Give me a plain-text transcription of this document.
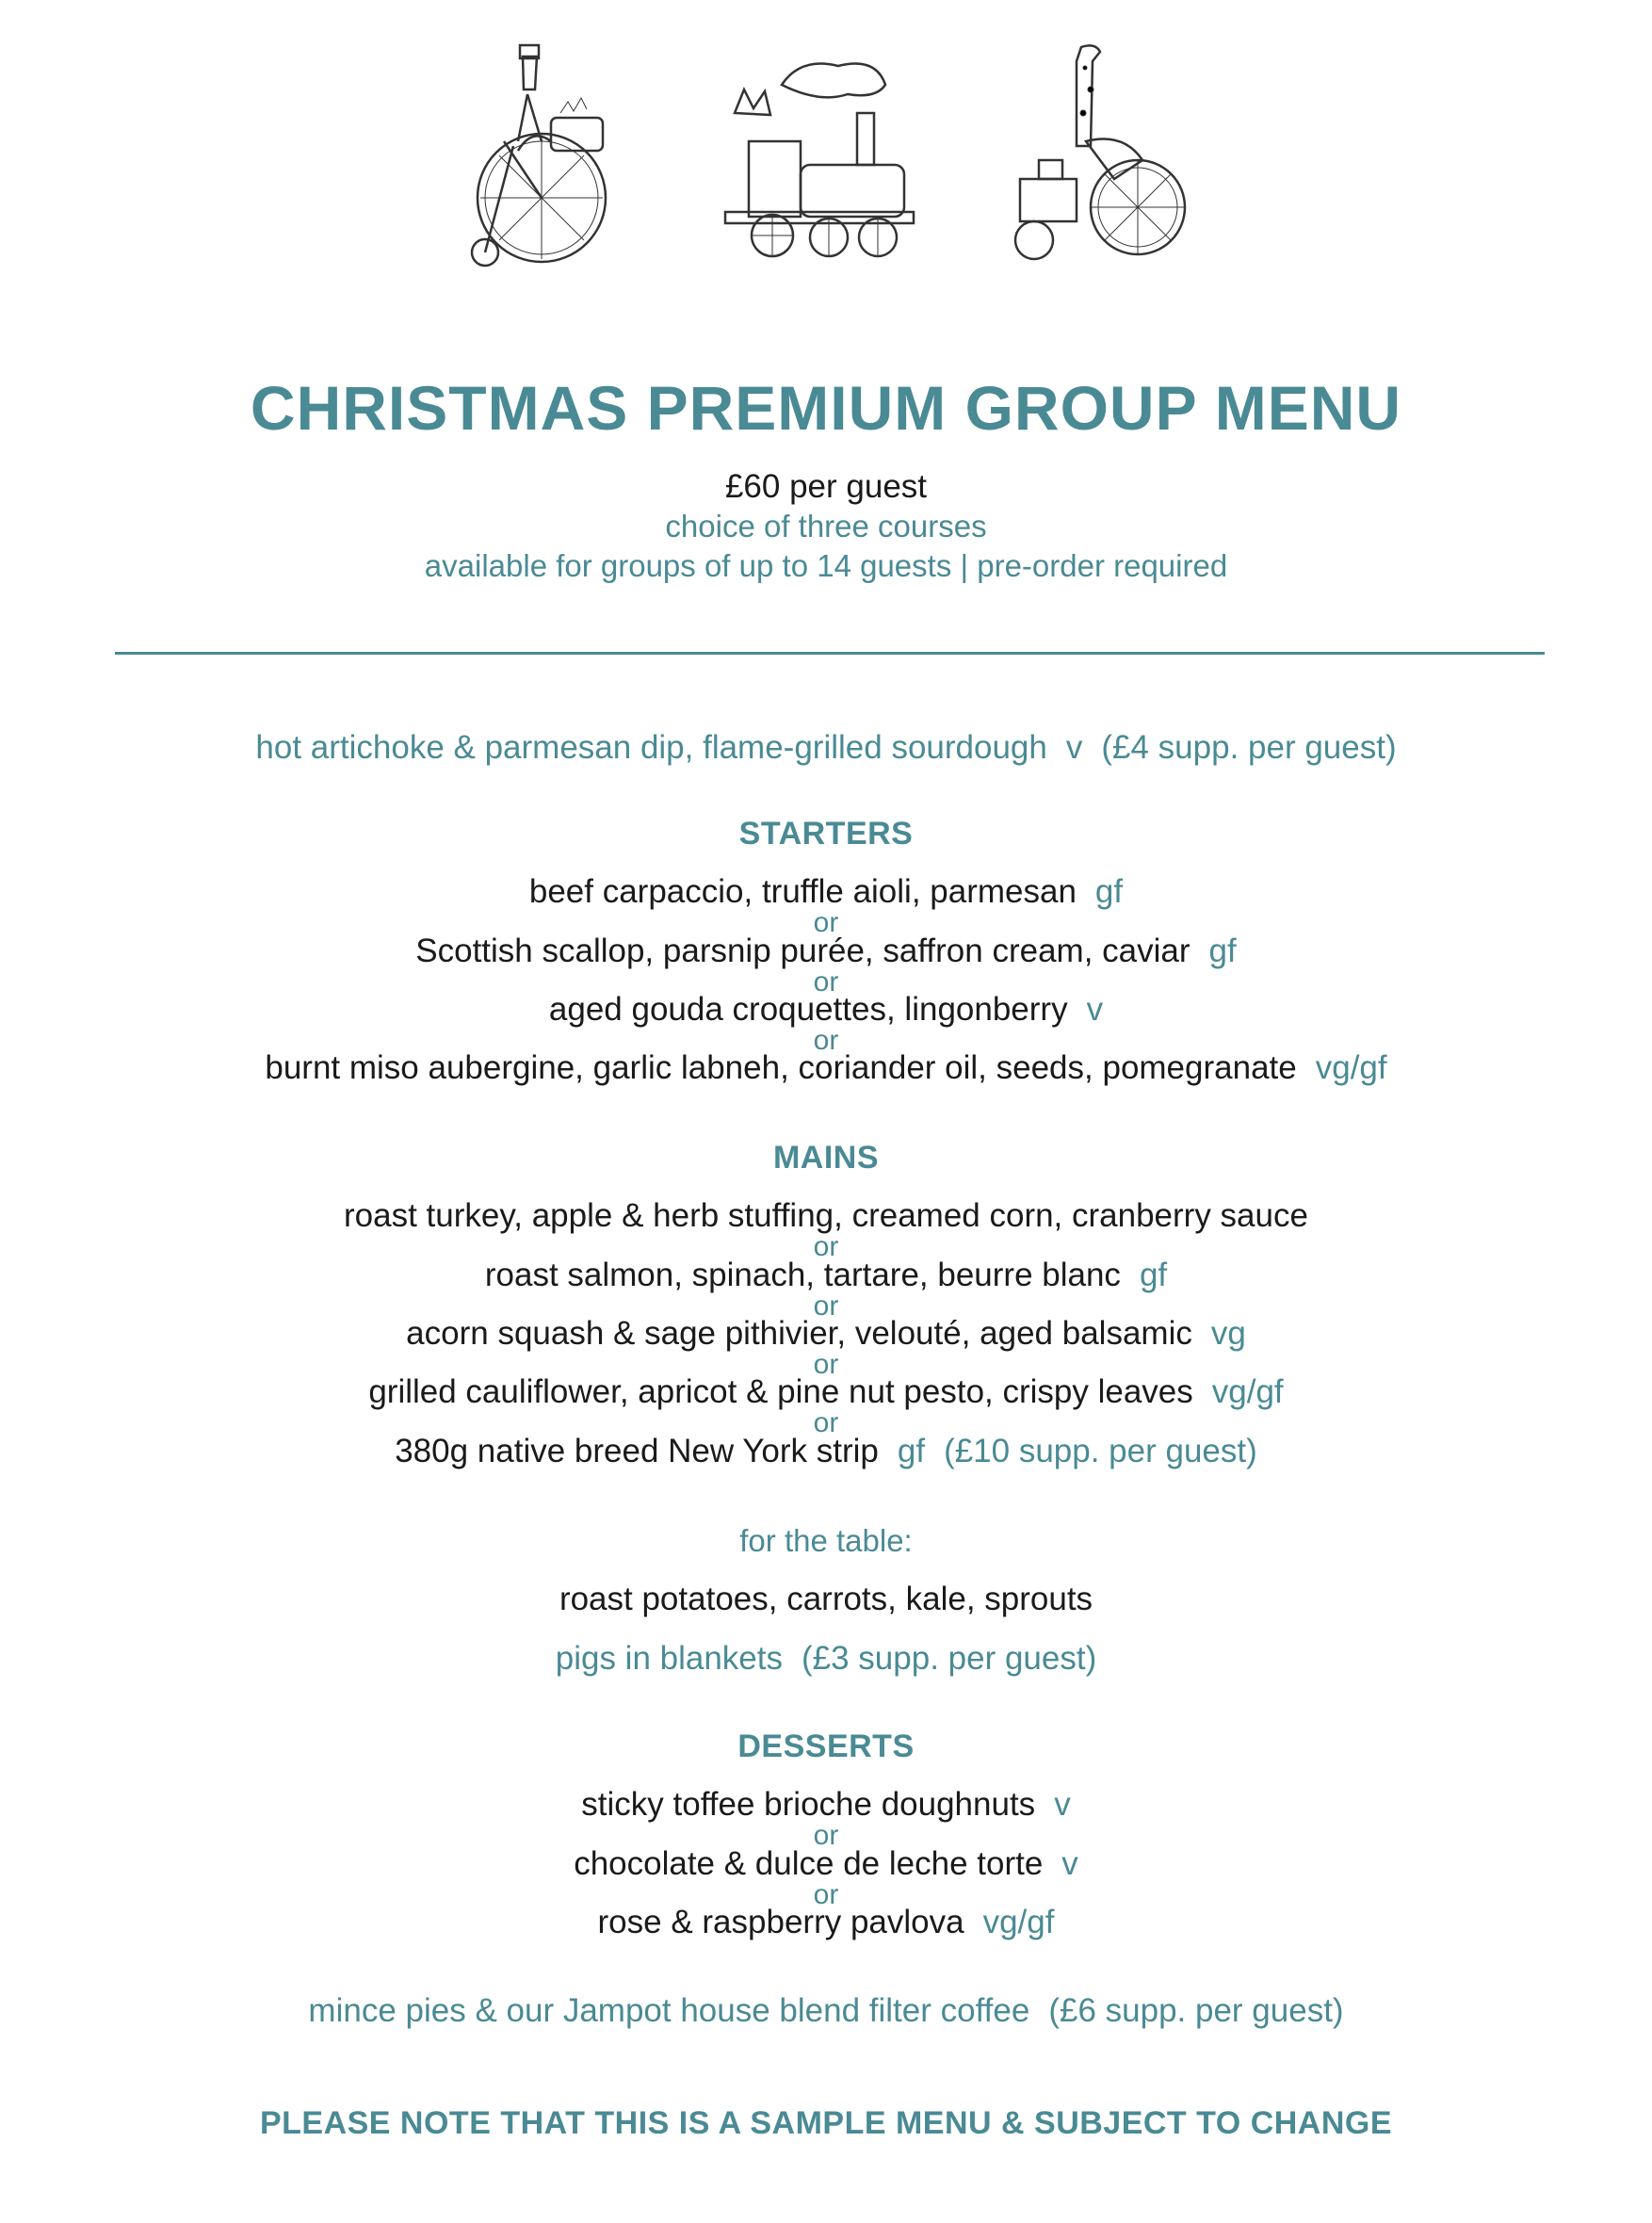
CHRISTMAS PREMIUM GROUP MENU
£60 per guest
choice of three courses
available for groups of up to 14 guests | pre-order required
hot artichoke & parmesan dip, flame-grilled sourdough v (£4 supp. per guest)
STARTERS
beef carpaccio, truffle aioli, parmesan gf
or
Scottish scallop, parsnip purée, saffron cream, caviar gf
or
aged gouda croquettes, lingonberry v
or
burnt miso aubergine, garlic labneh, coriander oil, seeds, pomegranate vg/gf
MAINS
roast turkey, apple & herb stuffing, creamed corn, cranberry sauce
or
roast salmon, spinach, tartare, beurre blanc gf
or
acorn squash & sage pithivier, velouté, aged balsamic vg
or
grilled cauliflower, apricot & pine nut pesto, crispy leaves vg/gf
or
380g native breed New York strip gf (£10 supp. per guest)
for the table:
roast potatoes, carrots, kale, sprouts
pigs in blankets (£3 supp. per guest)
DESSERTS
sticky toffee brioche doughnuts v
or
chocolate & dulce de leche torte v
or
rose & raspberry pavlova vg/gf
mince pies & our Jampot house blend filter coffee (£6 supp. per guest)
PLEASE NOTE THAT THIS IS A SAMPLE MENU & SUBJECT TO CHANGE
